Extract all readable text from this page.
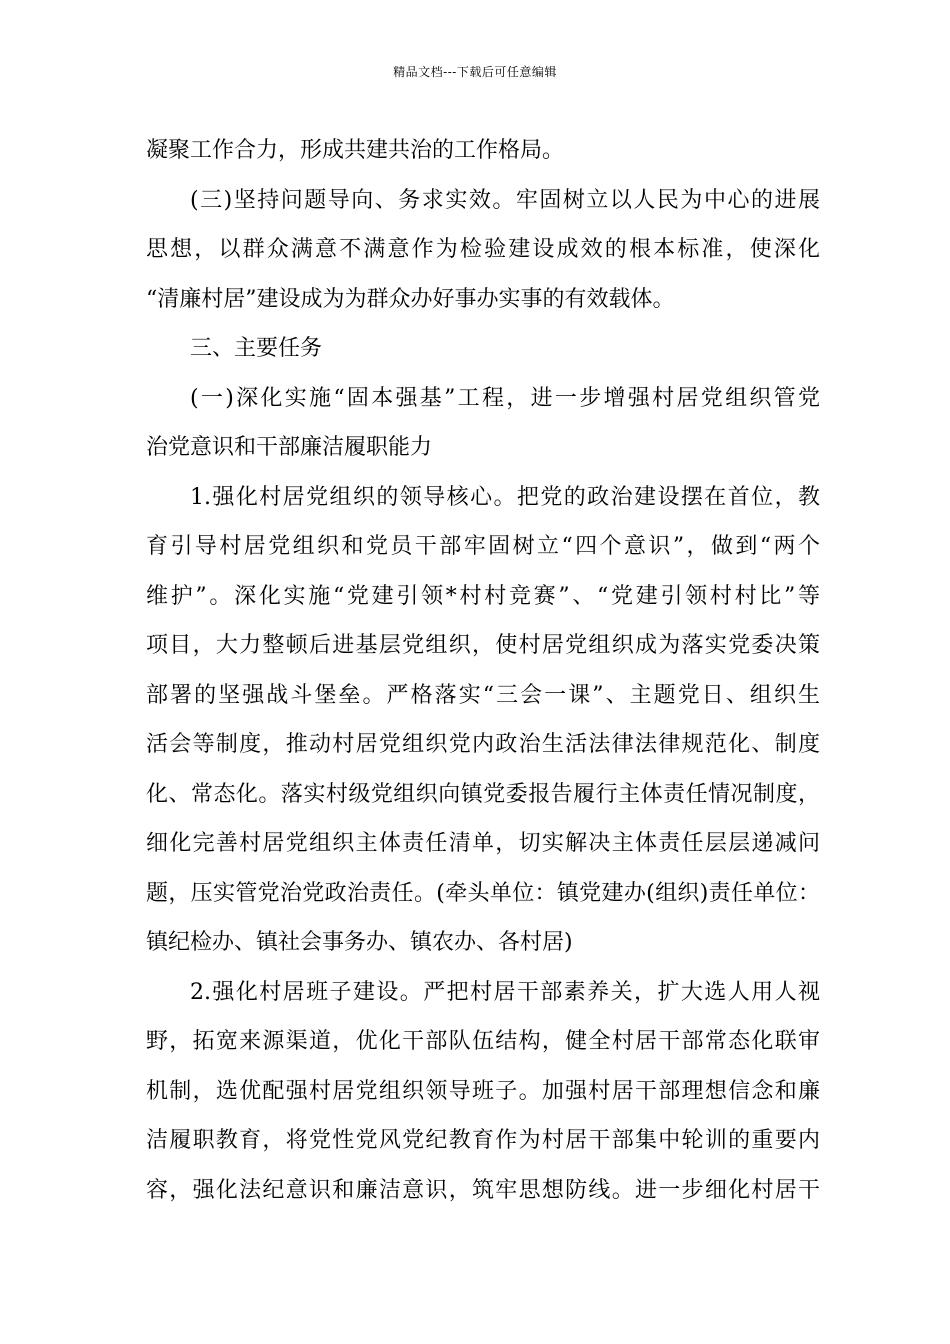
精品文档---下载后可任意编辑
凝聚工作合力，形成共建共治的工作格局。
(三)坚持问题导向、务求实效。牢固树立以人民为中心的进展
思想，以群众满意不满意作为检验建设成效的根本标准，使深化
“清廉村居”建设成为为群众办好事办实事的有效载体。
三、主要任务
(一)深化实施“固本强基”工程，进一步增强村居党组织管党
治党意识和干部廉洁履职能力
1.强化村居党组织的领导核心。把党的政治建设摆在首位，教
育引导村居党组织和党员干部牢固树立“四个意识”，做到“两个
维护”。深化实施“党建引领*村村竞赛”、“党建引领村村比”等
项目，大力整顿后进基层党组织，使村居党组织成为落实党委决策
部署的坚强战斗堡垒。严格落实“三会一课”、主题党日、组织生
活会等制度，推动村居党组织党内政治生活法律法律规范化、制度
化、常态化。落实村级党组织向镇党委报告履行主体责任情况制度，
细化完善村居党组织主体责任清单，切实解决主体责任层层递减问
题，压实管党治党政治责任。(牵头单位：镇党建办(组织)责任单位：
镇纪检办、镇社会事务办、镇农办、各村居)
2.强化村居班子建设。严把村居干部素养关，扩大选人用人视
野，拓宽来源渠道，优化干部队伍结构，健全村居干部常态化联审
机制，选优配强村居党组织领导班子。加强村居干部理想信念和廉
洁履职教育，将党性党风党纪教育作为村居干部集中轮训的重要内
容，强化法纪意识和廉洁意识，筑牢思想防线。进一步细化村居干
